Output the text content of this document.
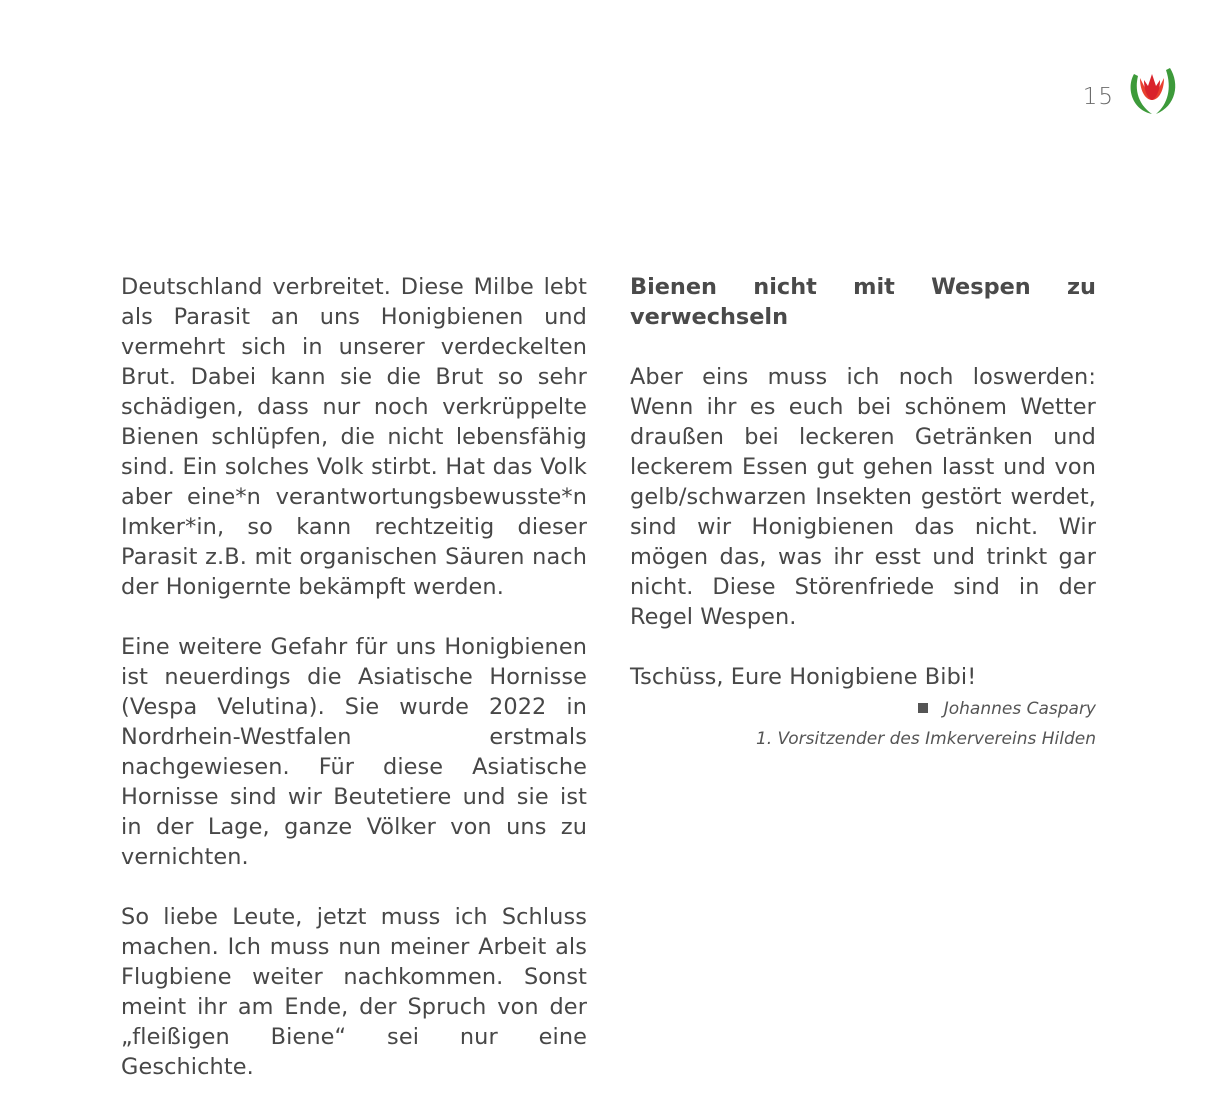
15

Deutschland verbreitet. Diese Milbe lebt als Parasit an uns Honigbienen und vermehrt sich in unserer verdeckelten Brut. Dabei kann sie die Brut so sehr schädigen, dass nur noch verkrüppelte Bienen schlüpfen, die nicht lebensfähig sind. Ein solches Volk stirbt. Hat das Volk aber eine*n verantwortungsbewusste*n Imker*in, so kann rechtzeitig dieser Parasit z.B. mit organischen Säuren nach der Honigernte bekämpft werden.

Eine weitere Gefahr für uns Honigbienen ist neuerdings die Asiatische Hornisse (Vespa Velutina). Sie wurde 2022 in Nordrhein-Westfalen erstmals nachgewiesen. Für diese Asiatische Hornisse sind wir Beutetiere und sie ist in der Lage, ganze Völker von uns zu vernichten.

So liebe Leute, jetzt muss ich Schluss machen. Ich muss nun meiner Arbeit als Flugbiene weiter nachkommen. Sonst meint ihr am Ende, der Spruch von der „fleißigen Biene“ sei nur eine Geschichte.

Bienen nicht mit Wespen zu verwechseln

Aber eins muss ich noch loswerden: Wenn ihr es euch bei schönem Wetter draußen bei leckeren Getränken und leckerem Essen gut gehen lasst und von gelb/schwarzen Insekten gestört werdet, sind wir Honigbienen das nicht. Wir mögen das, was ihr esst und trinkt gar nicht. Diese Störenfriede sind in der Regel Wespen.

Tschüss, Eure Honigbiene Bibi!

Johannes Caspary
1. Vorsitzender des Imkervereins Hilden
